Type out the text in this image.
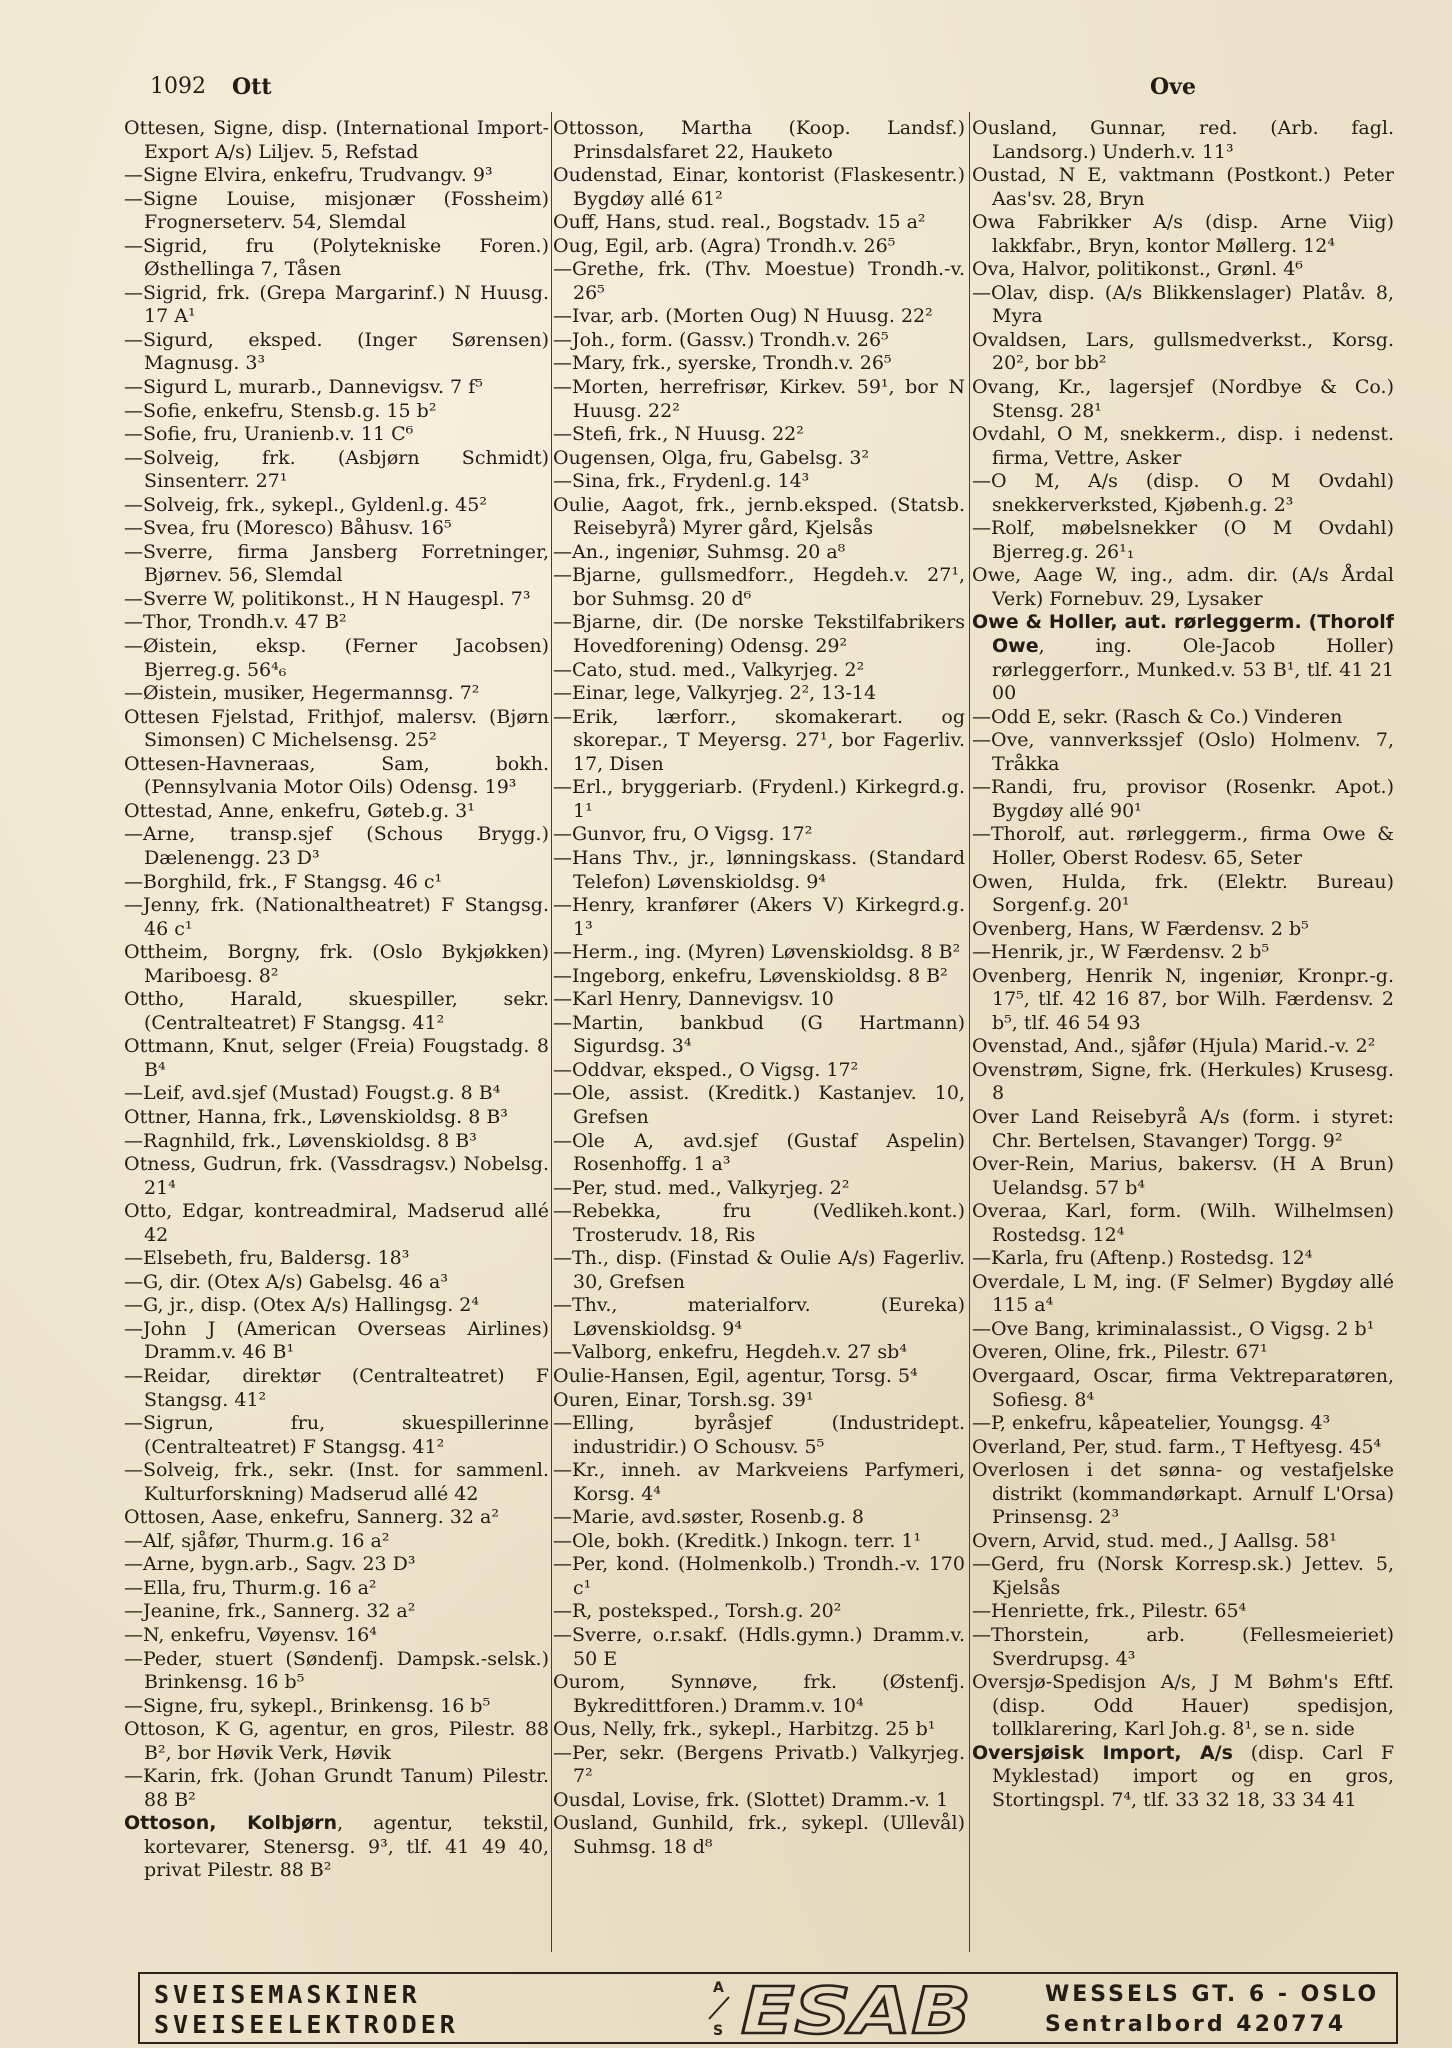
1092 Ott	Ove
Ottesen, Signe, disp. (International Import-Export A/s) Liljev. 5, Refstad
—Signe Elvira, enkefru, Trudvangv. 9³
—Signe Louise, misjonær (Fossheim) Frognerseterv. 54, Slemdal
—Sigrid, fru (Polytekniske Foren.) Østhellinga 7, Tåsen
—Sigrid, frk. (Grepa Margarinf.) N Huusg. 17 A¹
—Sigurd, eksped. (Inger Sørensen) Magnusg. 3³
—Sigurd L, murarb., Dannevigsv. 7 f⁵
—Sofie, enkefru, Stensb.g. 15 b²
—Sofie, fru, Uranienb.v. 11 C⁶
—Solveig, frk. (Asbjørn Schmidt) Sinsenterr. 27¹
—Solveig, frk., sykepl., Gyldenl.g. 45²
—Svea, fru (Moresco) Båhusv. 16⁵
—Sverre, firma Jansberg Forretninger, Bjørnev. 56, Slemdal
—Sverre W, politikonst., H N Haugespl. 7³
—Thor, Trondh.v. 47 B²
—Øistein, eksp. (Ferner Jacobsen) Bjerreg.g. 56⁴₆
—Øistein, musiker, Hegermannsg. 7²
Ottesen Fjelstad, Frithjof, malersv. (Bjørn Simonsen) C Michelsensg. 25²
Ottesen-Havneraas, Sam, bokh. (Pennsylvania Motor Oils) Odensg. 19³
Ottestad, Anne, enkefru, Gøteb.g. 3¹
—Arne, transp.sjef (Schous Brygg.) Dælenengg. 23 D³
—Borghild, frk., F Stangsg. 46 c¹
—Jenny, frk. (Nationaltheatret) F Stangsg. 46 c¹
Ottheim, Borgny, frk. (Oslo Bykjøkken) Mariboesg. 8²
Ottho, Harald, skuespiller, sekr. (Centralteatret) F Stangsg. 41²
Ottmann, Knut, selger (Freia) Fougstadg. 8 B⁴
—Leif, avd.sjef (Mustad) Fougst.g. 8 B⁴
Ottner, Hanna, frk., Løvenskioldsg. 8 B³
—Ragnhild, frk., Løvenskioldsg. 8 B³
Otness, Gudrun, frk. (Vassdragsv.) Nobelsg. 21⁴
Otto, Edgar, kontreadmiral, Madserud allé 42
—Elsebeth, fru, Baldersg. 18³
—G, dir. (Otex A/s) Gabelsg. 46 a³
—G, jr., disp. (Otex A/s) Hallingsg. 2⁴
—John J (American Overseas Airlines) Dramm.v. 46 B¹
—Reidar, direktør (Centralteatret) F Stangsg. 41²
—Sigrun, fru, skuespillerinne (Centralteatret) F Stangsg. 41²
—Solveig, frk., sekr. (Inst. for sammenl. Kulturforskning) Madserud allé 42
Ottosen, Aase, enkefru, Sannerg. 32 a²
—Alf, sjåfør, Thurm.g. 16 a²
—Arne, bygn.arb., Sagv. 23 D³
—Ella, fru, Thurm.g. 16 a²
—Jeanine, frk., Sannerg. 32 a²
—N, enkefru, Vøyensv. 16⁴
—Peder, stuert (Søndenfj. Dampsk.-selsk.) Brinkensg. 16 b⁵
—Signe, fru, sykepl., Brinkensg. 16 b⁵
Ottoson, K G, agentur, en gros, Pilestr. 88 B², bor Høvik Verk, Høvik
—Karin, frk. (Johan Grundt Tanum) Pilestr. 88 B²
Ottoson, Kolbjørn, agentur, tekstil, kortevarer, Stenersg. 9³, tlf. 41 49 40, privat Pilestr. 88 B²
Ottosson, Martha (Koop. Landsf.) Prinsdalsfaret 22, Hauketo
Oudenstad, Einar, kontorist (Flaskesentr.) Bygdøy allé 61²
Ouff, Hans, stud. real., Bogstadv. 15 a²
Oug, Egil, arb. (Agra) Trondh.v. 26⁵
—Grethe, frk. (Thv. Moestue) Trondh.-v. 26⁵
—Ivar, arb. (Morten Oug) N Huusg. 22²
—Joh., form. (Gassv.) Trondh.v. 26⁵
—Mary, frk., syerske, Trondh.v. 26⁵
—Morten, herrefrisør, Kirkev. 59¹, bor N Huusg. 22²
—Stefi, frk., N Huusg. 22²
Ougensen, Olga, fru, Gabelsg. 3²
—Sina, frk., Frydenl.g. 14³
Oulie, Aagot, frk., jernb.eksped. (Statsb. Reisebyrå) Myrer gård, Kjelsås
—An., ingeniør, Suhmsg. 20 a⁸
—Bjarne, gullsmedforr., Hegdeh.v. 27¹, bor Suhmsg. 20 d⁶
—Bjarne, dir. (De norske Tekstilfabrikers Hovedforening) Odensg. 29²
—Cato, stud. med., Valkyrjeg. 2²
—Einar, lege, Valkyrjeg. 2², 13-14
—Erik, lærforr., skomakerart. og skorepar., T Meyersg. 27¹, bor Fagerliv. 17, Disen
—Erl., bryggeriarb. (Frydenl.) Kirkegrd.g. 1¹
—Gunvor, fru, O Vigsg. 17²
—Hans Thv., jr., lønningskass. (Standard Telefon) Løvenskioldsg. 9⁴
—Henry, kranfører (Akers V) Kirkegrd.g. 1³
—Herm., ing. (Myren) Løvenskioldsg. 8 B²
—Ingeborg, enkefru, Løvenskioldsg. 8 B²
—Karl Henry, Dannevigsv. 10
—Martin, bankbud (G Hartmann) Sigurdsg. 3⁴
—Oddvar, eksped., O Vigsg. 17²
—Ole, assist. (Kreditk.) Kastanjev. 10, Grefsen
—Ole A, avd.sjef (Gustaf Aspelin) Rosenhoffg. 1 a³
—Per, stud. med., Valkyrjeg. 2²
—Rebekka, fru (Vedlikeh.kont.) Trosterudv. 18, Ris
—Th., disp. (Finstad & Oulie A/s) Fagerliv. 30, Grefsen
—Thv., materialforv. (Eureka) Løvenskioldsg. 9⁴
—Valborg, enkefru, Hegdeh.v. 27 sb⁴
Oulie-Hansen, Egil, agentur, Torsg. 5⁴
Ouren, Einar, Torsh.sg. 39¹
—Elling, byråsjef (Industridept. industridir.) O Schousv. 5⁵
—Kr., inneh. av Markveiens Parfymeri, Korsg. 4⁴
—Marie, avd.søster, Rosenb.g. 8
—Ole, bokh. (Kreditk.) Inkogn. terr. 1¹
—Per, kond. (Holmenkolb.) Trondh.-v. 170 c¹
—R, posteksped., Torsh.g. 20²
—Sverre, o.r.sakf. (Hdls.gymn.) Dramm.v. 50 E
Ourom, Synnøve, frk. (Østenfj. Bykredittforen.) Dramm.v. 10⁴
Ous, Nelly, frk., sykepl., Harbitzg. 25 b¹
—Per, sekr. (Bergens Privatb.) Valkyrjeg. 7²
Ousdal, Lovise, frk. (Slottet) Dramm.-v. 1
Ousland, Gunhild, frk., sykepl. (Ullevål) Suhmsg. 18 d⁸
Ousland, Gunnar, red. (Arb. fagl. Landsorg.) Underh.v. 11³
Oustad, N E, vaktmann (Postkont.) Peter Aas'sv. 28, Bryn
Owa Fabrikker A/s (disp. Arne Viig) lakkfabr., Bryn, kontor Møllerg. 12⁴
Ova, Halvor, politikonst., Grønl. 4⁶
—Olav, disp. (A/s Blikkenslager) Platåv. 8, Myra
Ovaldsen, Lars, gullsmedverkst., Korsg. 20², bor bb²
Ovang, Kr., lagersjef (Nordbye & Co.) Stensg. 28¹
Ovdahl, O M, snekkerm., disp. i nedenst. firma, Vettre, Asker
—O M, A/s (disp. O M Ovdahl) snekkerverksted, Kjøbenh.g. 2³
—Rolf, møbelsnekker (O M Ovdahl) Bjerreg.g. 26¹₁
Owe, Aage W, ing., adm. dir. (A/s Årdal Verk) Fornebuv. 29, Lysaker
Owe & Holler, aut. rørleggerm. (Thorolf Owe, ing. Ole-Jacob Holler) rørleggerforr., Munked.v. 53 B¹, tlf. 41 21 00
—Odd E, sekr. (Rasch & Co.) Vinderen
—Ove, vannverkssjef (Oslo) Holmenv. 7, Tråkka
—Randi, fru, provisor (Rosenkr. Apot.) Bygdøy allé 90¹
—Thorolf, aut. rørleggerm., firma Owe & Holler, Oberst Rodesv. 65, Seter
Owen, Hulda, frk. (Elektr. Bureau) Sorgenf.g. 20¹
Ovenberg, Hans, W Færdensv. 2 b⁵
—Henrik, jr., W Færdensv. 2 b⁵
Ovenberg, Henrik N, ingeniør, Kronpr.-g. 17⁵, tlf. 42 16 87, bor Wilh. Færdensv. 2 b⁵, tlf. 46 54 93
Ovenstad, And., sjåfør (Hjula) Marid.-v. 2²
Ovenstrøm, Signe, frk. (Herkules) Krusesg. 8
Over Land Reisebyrå A/s (form. i styret: Chr. Bertelsen, Stavanger) Torgg. 9²
Over-Rein, Marius, bakersv. (H A Brun) Uelandsg. 57 b⁴
Overaa, Karl, form. (Wilh. Wilhelmsen) Rostedsg. 12⁴
—Karla, fru (Aftenp.) Rostedsg. 12⁴
Overdale, L M, ing. (F Selmer) Bygdøy allé 115 a⁴
—Ove Bang, kriminalassist., O Vigsg. 2 b¹
Overen, Oline, frk., Pilestr. 67¹
Overgaard, Oscar, firma Vektreparatøren, Sofiesg. 8⁴
—P, enkefru, kåpeatelier, Youngsg. 4³
Overland, Per, stud. farm., T Heftyesg. 45⁴
Overlosen i det sønna- og vestafjelske distrikt (kommandørkapt. Arnulf L'Orsa) Prinsensg. 2³
Overn, Arvid, stud. med., J Aallsg. 58¹
—Gerd, fru (Norsk Korresp.sk.) Jettev. 5, Kjelsås
—Henriette, frk., Pilestr. 65⁴
—Thorstein, arb. (Fellesmeieriet) Sverdrupsg. 4³
Oversjø-Spedisjon A/s, J M Bøhm's Eftf. (disp. Odd Hauer) spedisjon, tollklarering, Karl Joh.g. 8¹, se n. side
Oversjøisk Import, A/s (disp. Carl F Myklestad) import og en gros, Stortingspl. 7⁴, tlf. 33 32 18, 33 34 41
SVEISEMASKINER
SVEISEELEKTRODER
A
S ESAB	WESSELS GT. 6 - OSLO
Sentralbord 420774
